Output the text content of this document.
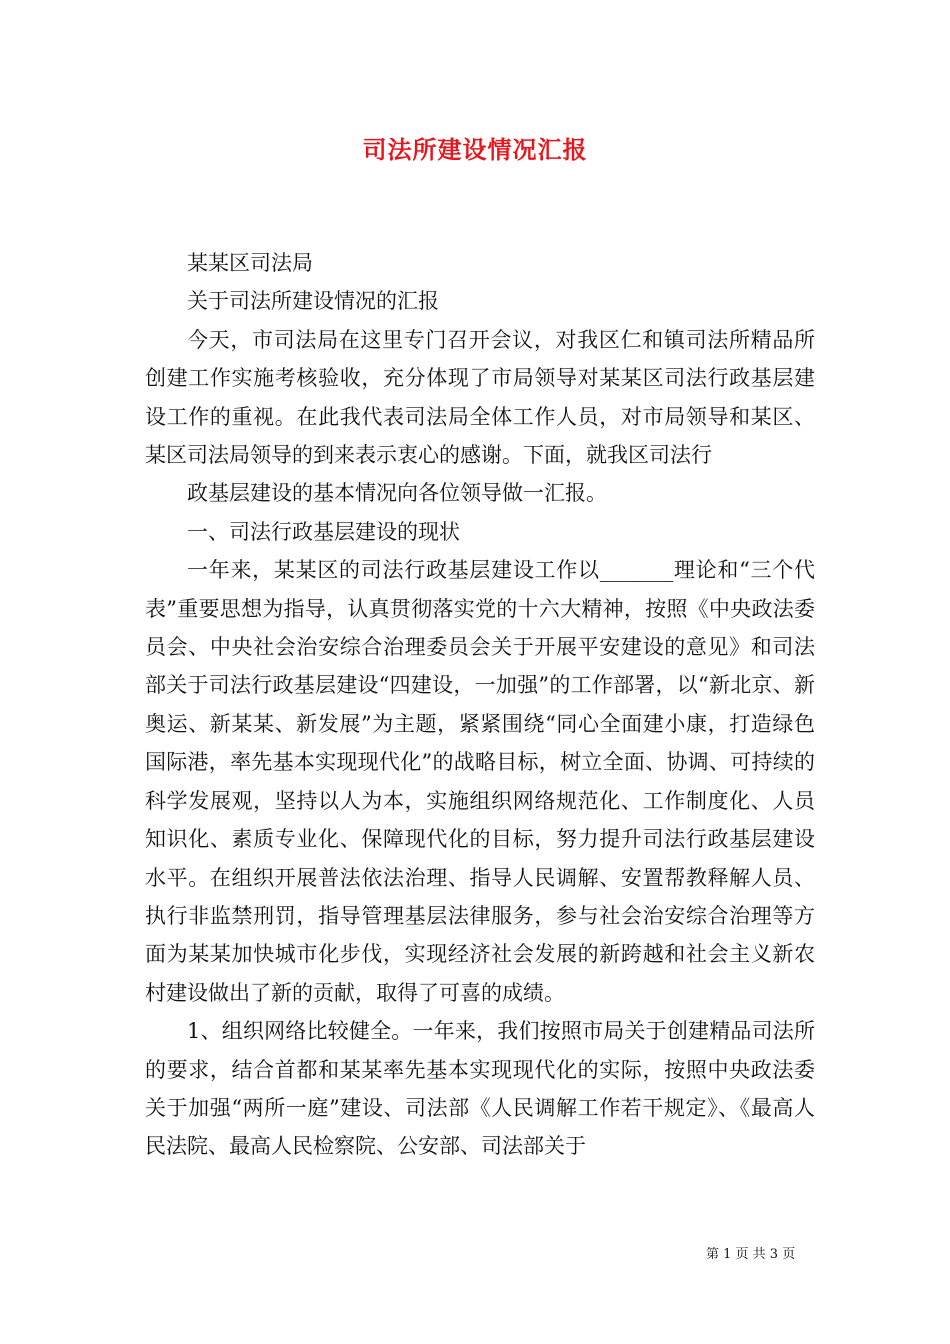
司法所建设情况汇报

某某区司法局

关于司法所建设情况的汇报

今天，市司法局在这里专门召开会议，对我区仁和镇司法所精品所创建工作实施考核验收，充分体现了市局领导对某某区司法行政基层建设工作的重视。在此我代表司法局全体工作人员，对市局领导和某区、某区司法局领导的到来表示衷心的感谢。下面，就我区司法行

政基层建设的基本情况向各位领导做一汇报。

一、司法行政基层建设的现状

一年来，某某区的司法行政基层建设工作以_______理论和“三个代表”重要思想为指导，认真贯彻落实党的十六大精神，按照《中央政法委员会、中央社会治安综合治理委员会关于开展平安建设的意见》和司法部关于司法行政基层建设“四建设，一加强”的工作部署，以“新北京、新奥运、新某某、新发展”为主题，紧紧围绕“同心全面建小康，打造绿色国际港，率先基本实现现代化”的战略目标，树立全面、协调、可持续的科学发展观，坚持以人为本，实施组织网络规范化、工作制度化、人员知识化、素质专业化、保障现代化的目标，努力提升司法行政基层建设水平。在组织开展普法依法治理、指导人民调解、安置帮教释解人员、执行非监禁刑罚，指导管理基层法律服务，参与社会治安综合治理等方面为某某加快城市化步伐，实现经济社会发展的新跨越和社会主义新农村建设做出了新的贡献，取得了可喜的成绩。

1、组织网络比较健全。一年来，我们按照市局关于创建精品司法所的要求，结合首都和某某率先基本实现现代化的实际，按照中央政法委关于加强“两所一庭”建设、司法部《人民调解工作若干规定》、《最高人民法院、最高人民检察院、公安部、司法部关于

第 1 页 共 3 页
